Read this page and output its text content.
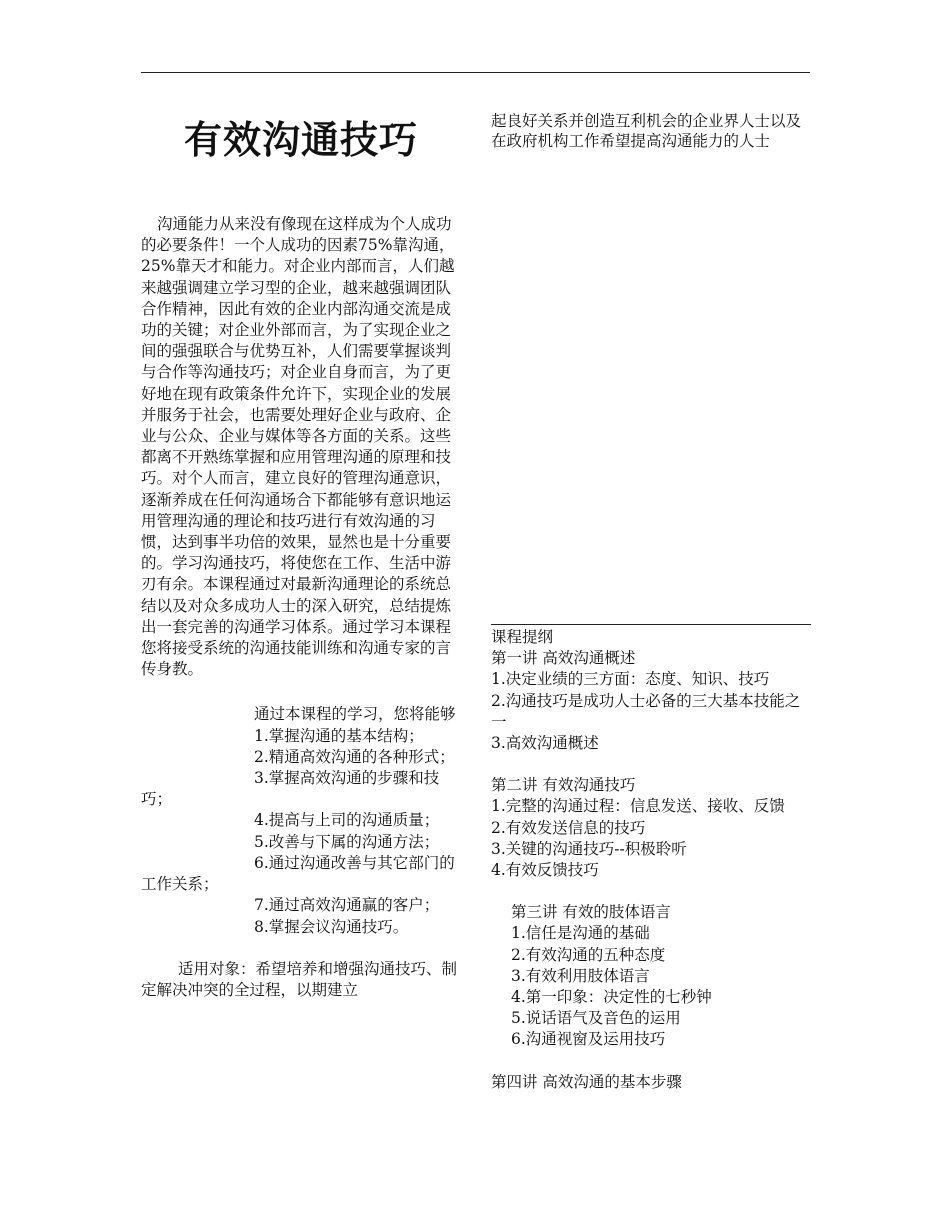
有效沟通技巧

沟通能力从来没有像现在这样成为个人成功的必要条件！一个人成功的因素75%靠沟通，25%靠天才和能力。对企业内部而言，人们越来越强调建立学习型的企业，越来越强调团队合作精神，因此有效的企业内部沟通交流是成功的关键；对企业外部而言，为了实现企业之间的强强联合与优势互补，人们需要掌握谈判与合作等沟通技巧；对企业自身而言，为了更好地在现有政策条件允许下，实现企业的发展并服务于社会，也需要处理好企业与政府、企业与公众、企业与媒体等各方面的关系。这些都离不开熟练掌握和应用管理沟通的原理和技巧。对个人而言，建立良好的管理沟通意识，逐渐养成在任何沟通场合下都能够有意识地运用管理沟通的理论和技巧进行有效沟通的习惯，达到事半功倍的效果，显然也是十分重要的。学习沟通技巧，将使您在工作、生活中游刃有余。本课程通过对最新沟通理论的系统总结以及对众多成功人士的深入研究，总结提炼出一套完善的沟通学习体系。通过学习本课程您将接受系统的沟通技能训练和沟通专家的言传身教。

通过本课程的学习，您将能够

1.掌握沟通的基本结构；
2.精通高效沟通的各种形式；
3.掌握高效沟通的步骤和技巧；
4.提高与上司的沟通质量；
5.改善与下属的沟通方法；
6.通过沟通改善与其它部门的工作关系；
7.通过高效沟通赢的客户；
8.掌握会议沟通技巧。

适用对象：希望培养和增强沟通技巧、制定解决冲突的全过程，以期建立

起良好关系并创造互利机会的企业界人士以及在政府机构工作希望提高沟通能力的人士

课程提纲

第一讲 高效沟通概述
1.决定业绩的三方面：态度、知识、技巧
2.沟通技巧是成功人士必备的三大基本技能之一
3.高效沟通概述
第二讲 有效沟通技巧
1.完整的沟通过程：信息发送、接收、反馈
2.有效发送信息的技巧
3.关键的沟通技巧--积极聆听
4.有效反馈技巧
第三讲 有效的肢体语言
1.信任是沟通的基础
2.有效沟通的五种态度
3.有效利用肢体语言
4.第一印象：决定性的七秒钟
5.说话语气及音色的运用
6.沟通视窗及运用技巧
第四讲 高效沟通的基本步骤
